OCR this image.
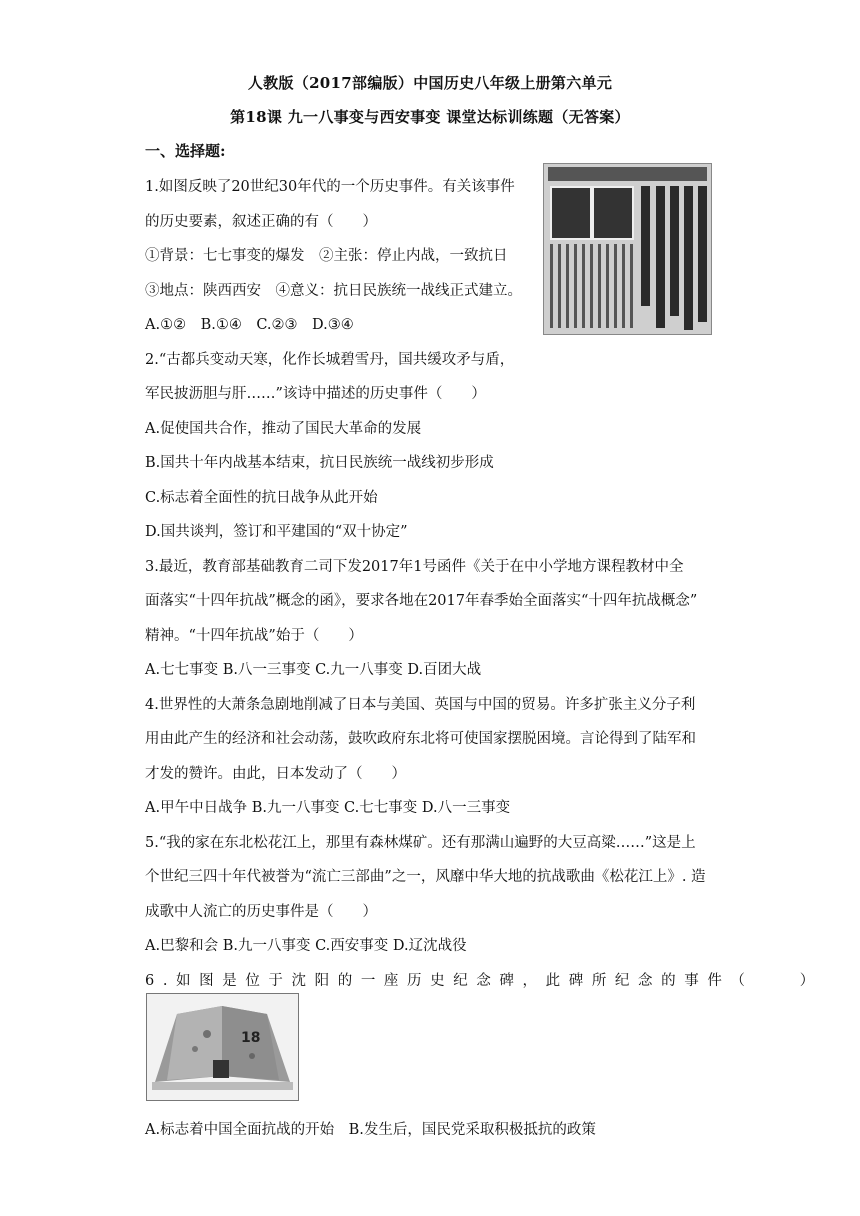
人教版（2017部编版）中国历史八年级上册第六单元
第18课 九一八事变与西安事变 课堂达标训练题（无答案）
一、选择题:

1.如图反映了20世纪30年代的一个历史事件。有关该事件

的历史要素，叙述正确的有（　　）

①背景：七七事变的爆发　②主张：停止内战，一致抗日

③地点：陕西西安　④意义：抗日民族统一战线正式建立。

A.①②　B.①④　C.②③　D.③④

2.“古都兵变动天寒，化作长城碧雪丹，国共缓攻矛与盾，

军民披沥胆与肝……”该诗中描述的历史事件（　　）

A.促使国共合作，推动了国民大革命的发展

B.国共十年内战基本结束，抗日民族统一战线初步形成

C.标志着全面性的抗日战争从此开始

D.国共谈判，签订和平建国的“双十协定”

3.最近，教育部基础教育二司下发2017年1号函件《关于在中小学地方课程教材中全

面落实“十四年抗战”概念的函》，要求各地在2017年春季始全面落实“十四年抗战概念”

精神。“十四年抗战”始于（　　）

A.七七事变 B.八一三事变 C.九一八事变 D.百团大战

4.世界性的大萧条急剧地削减了日本与美国、英国与中国的贸易。许多扩张主义分子利

用由此产生的经济和社会动荡，鼓吹政府东北将可使国家摆脱困境。言论得到了陆军和

才发的赞许。由此，日本发动了（　　）

A.甲午中日战争 B.九一八事变 C.七七事变 D.八一三事变

5.“我的家在东北松花江上，那里有森林煤矿。还有那满山遍野的大豆高粱……”这是上

个世纪三四十年代被誉为“流亡三部曲”之一，风靡中华大地的抗战歌曲《松花江上》. 造

成歌中人流亡的历史事件是（　　）

A.巴黎和会 B.九一八事变 C.西安事变 D.辽沈战役

6.如图是位于沈阳的一座历史纪念碑，此碑所纪念的事件（　　）

18
A.标志着中国全面抗战的开始　B.发生后，国民党采取积极抵抗的政策
